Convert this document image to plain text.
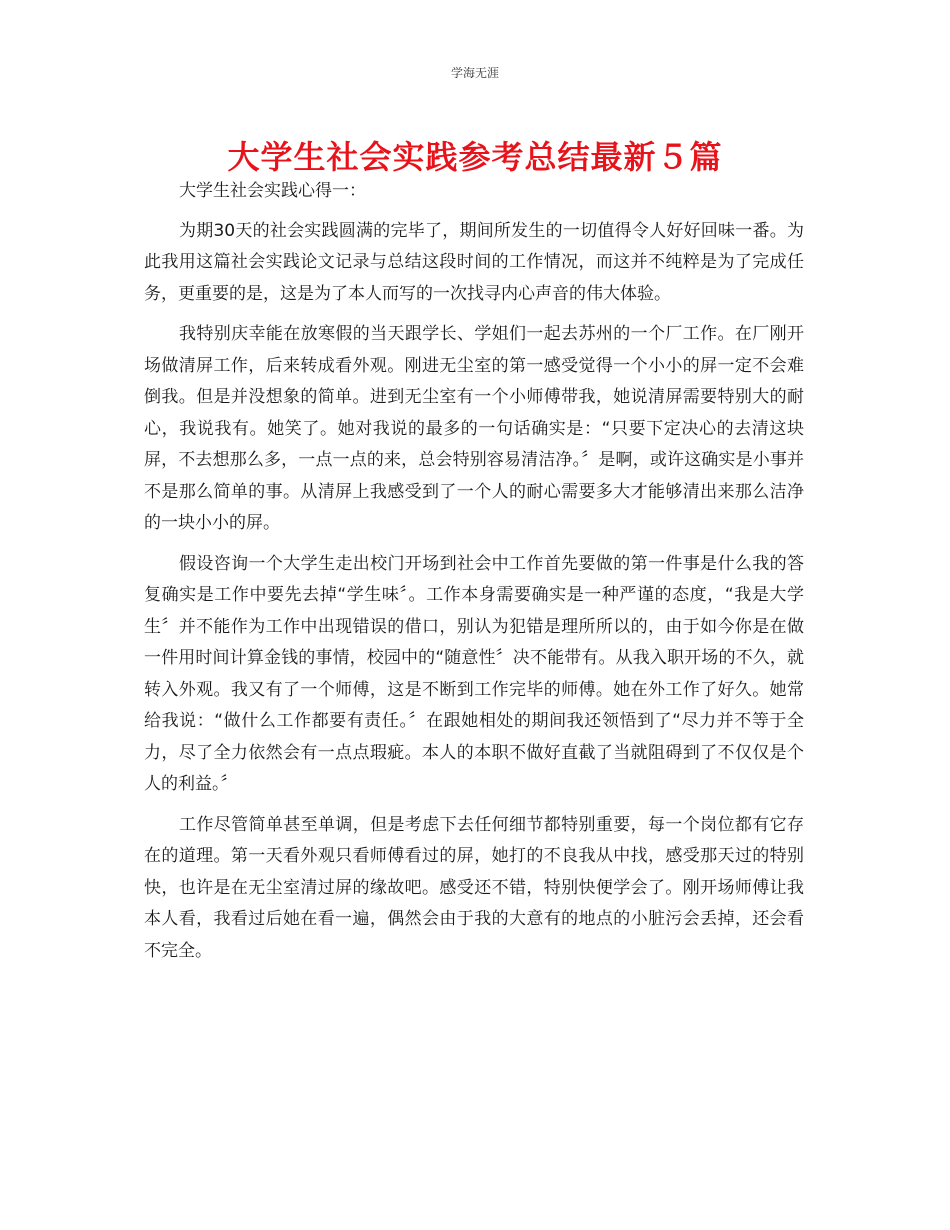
学海无涯
大学生社会实践参考总结最新５篇

大学生社会实践心得一：

为期30天的社会实践圆满的完毕了，期间所发生的一切值得令人好好回味一番。为此我用这篇社会实践论文记录与总结这段时间的工作情况，而这并不纯粹是为了完成任务，更重要的是，这是为了本人而写的一次找寻内心声音的伟大体验。

我特别庆幸能在放寒假的当天跟学长、学姐们一起去苏州的一个厂工作。在厂刚开场做清屏工作，后来转成看外观。刚进无尘室的第一感受觉得一个小小的屏一定不会难倒我。但是并没想象的简单。进到无尘室有一个小师傅带我，她说清屏需要特别大的耐心，我说我有。她笑了。她对我说的最多的一句话确实是：“只要下定决心的去清这块屏，不去想那么多，一点一点的来，总会特别容易清洁净。〞是啊，或许这确实是小事并不是那么简单的事。从清屏上我感受到了一个人的耐心需要多大才能够清出来那么洁净的一块小小的屏。

假设咨询一个大学生走出校门开场到社会中工作首先要做的第一件事是什么我的答复确实是工作中要先去掉“学生味〞。工作本身需要确实是一种严谨的态度，“我是大学生〞并不能作为工作中出现错误的借口，别认为犯错是理所所以的，由于如今你是在做一件用时间计算金钱的事情，校园中的“随意性〞决不能带有。从我入职开场的不久，就转入外观。我又有了一个师傅，这是不断到工作完毕的师傅。她在外工作了好久。她常给我说：“做什么工作都要有责任。〞在跟她相处的期间我还领悟到了“尽力并不等于全力，尽了全力依然会有一点点瑕疵。本人的本职不做好直截了当就阻碍到了不仅仅是个人的利益。〞

工作尽管简单甚至单调，但是考虑下去任何细节都特别重要，每一个岗位都有它存在的道理。第一天看外观只看师傅看过的屏，她打的不良我从中找，感受那天过的特别快，也许是在无尘室清过屏的缘故吧。感受还不错，特别快便学会了。刚开场师傅让我本人看，我看过后她在看一遍，偶然会由于我的大意有的地点的小脏污会丢掉，还会看不完全。
